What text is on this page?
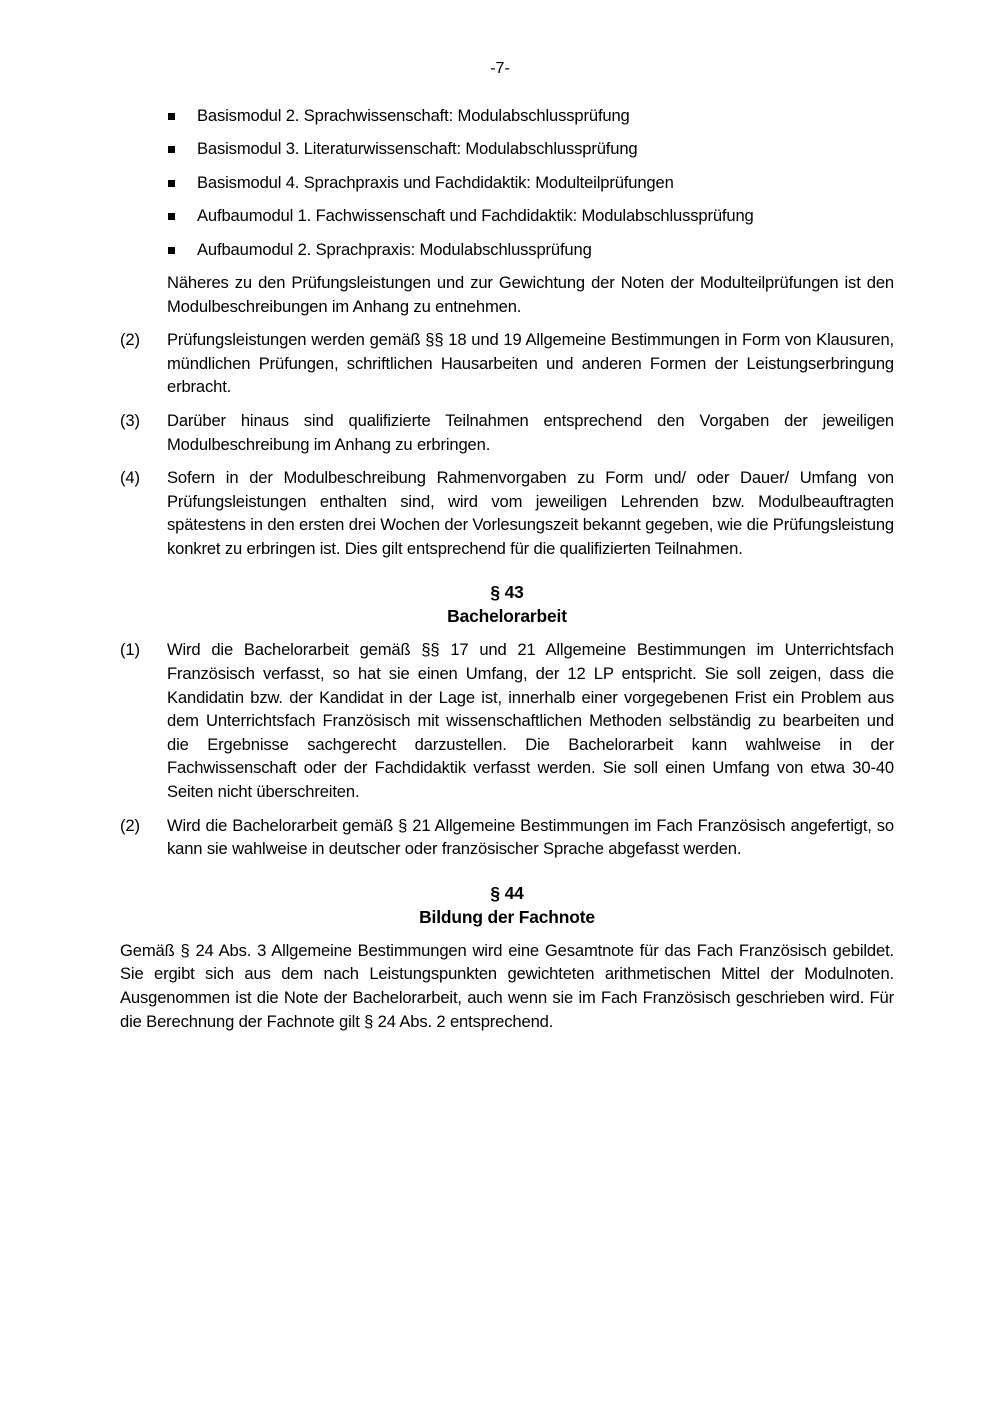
-7-
Basismodul 2. Sprachwissenschaft: Modulabschlussprüfung
Basismodul 3. Literaturwissenschaft: Modulabschlussprüfung
Basismodul 4. Sprachpraxis und Fachdidaktik: Modulteilprüfungen
Aufbaumodul 1. Fachwissenschaft und Fachdidaktik: Modulabschlussprüfung
Aufbaumodul 2. Sprachpraxis: Modulabschlussprüfung

Näheres zu den Prüfungsleistungen und zur Gewichtung der Noten der Modulteilprüfungen ist den Modulbeschreibungen im Anhang zu entnehmen.

(2) Prüfungsleistungen werden gemäß §§ 18 und 19 Allgemeine Bestimmungen in Form von Klausuren, mündlichen Prüfungen, schriftlichen Hausarbeiten und anderen Formen der Leistungserbringung erbracht.
(3) Darüber hinaus sind qualifizierte Teilnahmen entsprechend den Vorgaben der jeweiligen Modulbeschreibung im Anhang zu erbringen.
(4) Sofern in der Modulbeschreibung Rahmenvorgaben zu Form und/ oder Dauer/ Umfang von Prüfungsleistungen enthalten sind, wird vom jeweiligen Lehrenden bzw. Modulbeauftragten spätestens in den ersten drei Wochen der Vorlesungszeit bekannt gegeben, wie die Prüfungsleistung konkret zu erbringen ist. Dies gilt entsprechend für die qualifizierten Teilnahmen.
§ 43
Bachelorarbeit
(1) Wird die Bachelorarbeit gemäß §§ 17 und 21 Allgemeine Bestimmungen im Unterrichtsfach Französisch verfasst, so hat sie einen Umfang, der 12 LP entspricht. Sie soll zeigen, dass die Kandidatin bzw. der Kandidat in der Lage ist, innerhalb einer vorgegebenen Frist ein Problem aus dem Unterrichtsfach Französisch mit wissenschaftlichen Methoden selbständig zu bearbeiten und die Ergebnisse sachgerecht darzustellen. Die Bachelorarbeit kann wahlweise in der Fachwissenschaft oder der Fachdidaktik verfasst werden. Sie soll einen Umfang von etwa 30-40 Seiten nicht überschreiten.
(2) Wird die Bachelorarbeit gemäß § 21 Allgemeine Bestimmungen im Fach Französisch angefertigt, so kann sie wahlweise in deutscher oder französischer Sprache abgefasst werden.
§ 44
Bildung der Fachnote

Gemäß § 24 Abs. 3 Allgemeine Bestimmungen wird eine Gesamtnote für das Fach Französisch gebildet. Sie ergibt sich aus dem nach Leistungspunkten gewichteten arithmetischen Mittel der Modulnoten. Ausgenommen ist die Note der Bachelorarbeit, auch wenn sie im Fach Französisch geschrieben wird. Für die Berechnung der Fachnote gilt § 24 Abs. 2 entsprechend.
